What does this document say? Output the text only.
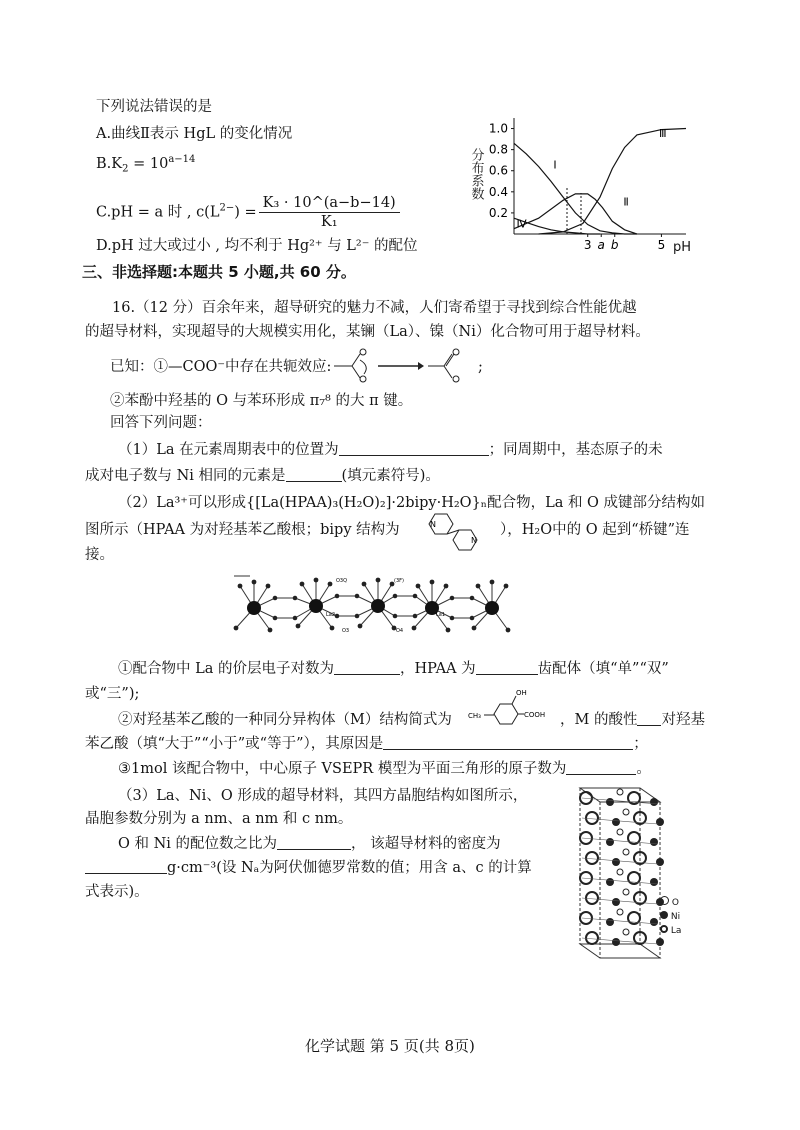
下列说法错误的是
A.曲线Ⅱ表示 HgL 的变化情况
$B.K_2 = 10^{a-14}$
C.pH = a 时 , $c(L^{2-}) = \frac{\text{K₃ · 10\textasciicircum{}(a−b−14)}}{\text{K₁}}$
D.pH 过大或过小 , 均不利于 Hg²⁺ 与 L²⁻ 的配位
分布系数
1.0
0.8
0.6
0.4
0.2
3 a b	5
Ⅰ
Ⅱ
Ⅲ
Ⅳ
pH
三、非选择题:本题共 5 小题,共 60 分。
16.（12 分）百余年来，超导研究的魅力不减，人们寄希望于寻找到综合性能优越
的超导材料，实现超导的大规模实用化，某镧（La）、镍（Ni）化合物可用于超导材料。
已知：①—COO⁻中存在共轭效应:	;
②苯酚中羟基的 O 与苯环形成 π₇⁸ 的大 π 键。
回答下列问题：
（1）La 在元素周期表中的位置为	；同周期中，基态原子的未
成对电子数与 Ni 相同的元素是	(填元素符号)。
（2）La³⁺可以形成{[La(HPAA)₃(H₂O)₂]·2bipy·H₂O}ₙ配合物，La 和 O 成键部分结构如
图所示（HPAA 为对羟基苯乙酸根；bipy 结构为	N
N
），H₂O中的 O 起到“桥键”连
接。
O3Q	(3F)
La2	La1
O3	O4
①配合物中 La 的价层电子对数为	，HPAA 为	齿配体（填“单”“双”
或“三”);
②对羟基苯乙酸的一种同分异构体（M）结构简式为 CH₃
OH
COOH ，M 的酸性 对羟基
苯乙酸（填“大于”“小于”或“等于”），其原因是	；
③1mol 该配合物中，中心原子 VSEPR 模型为平面三角形的原子数为	。
（3）La、Ni、O 形成的超导材料，其四方晶胞结构如图所示，
晶胞参数分别为 a nm、a nm 和 c nm。
O 和 Ni 的配位数之比为	， 该超导材料的密度为
g·cm⁻³(设 Nₐ为阿伏伽德罗常数的值；用含 a、c 的计算
式表示)。
O
Ni
La
化学试题 第 5 页(共 8页)
